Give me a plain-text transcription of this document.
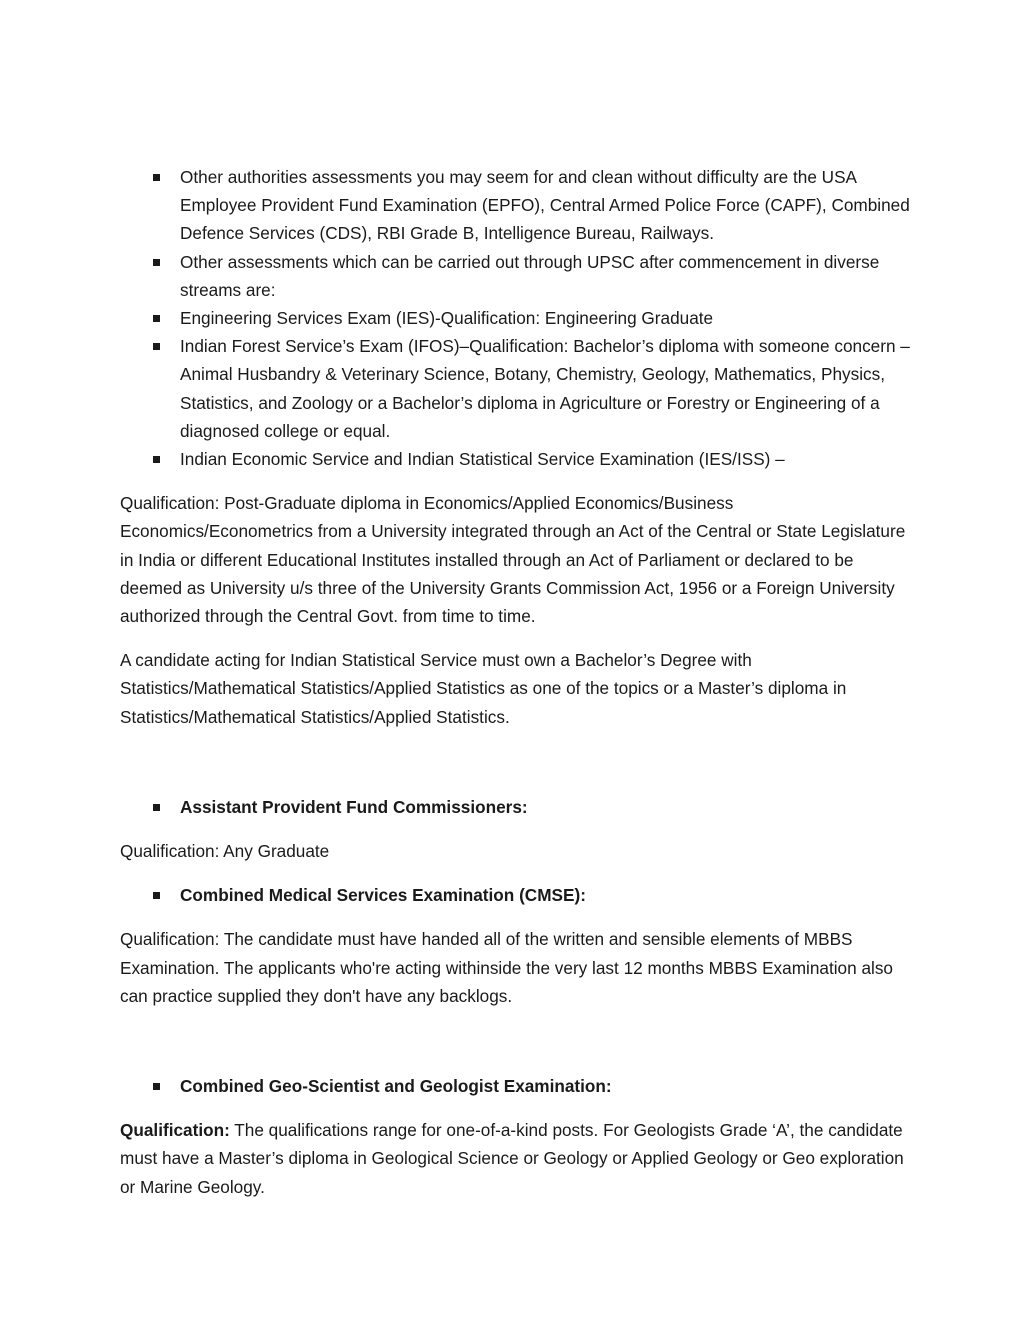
Other authorities assessments you may seem for and clean without difficulty are the USA Employee Provident Fund Examination (EPFO), Central Armed Police Force (CAPF), Combined Defence Services (CDS), RBI Grade B, Intelligence Bureau, Railways.
Other assessments which can be carried out through UPSC after commencement in diverse streams are:
Engineering Services Exam (IES)-Qualification: Engineering Graduate
Indian Forest Service’s Exam (IFOS)–Qualification: Bachelor’s diploma with someone concern – Animal Husbandry & Veterinary Science, Botany, Chemistry, Geology, Mathematics, Physics, Statistics, and Zoology or a Bachelor’s diploma in Agriculture or Forestry or Engineering of a diagnosed college or equal.
Indian Economic Service and Indian Statistical Service Examination (IES/ISS) –

Qualification: Post-Graduate diploma in Economics/Applied Economics/Business Economics/Econometrics from a University integrated through an Act of the Central or State Legislature in India or different Educational Institutes installed through an Act of Parliament or declared to be deemed as University u/s three of the University Grants Commission Act, 1956 or a Foreign University authorized through the Central Govt. from time to time.

A candidate acting for Indian Statistical Service must own a Bachelor’s Degree with Statistics/Mathematical Statistics/Applied Statistics as one of the topics or a Master’s diploma in Statistics/Mathematical Statistics/Applied Statistics.

Assistant Provident Fund Commissioners:

Qualification: Any Graduate

Combined Medical Services Examination (CMSE):

Qualification: The candidate must have handed all of the written and sensible elements of MBBS Examination. The applicants who're acting withinside the very last 12 months MBBS Examination also can practice supplied they don't have any backlogs.

Combined Geo-Scientist and Geologist Examination:

Qualification: The qualifications range for one-of-a-kind posts. For Geologists Grade ‘A’, the candidate must have a Master’s diploma in Geological Science or Geology or Applied Geology or Geo exploration or Marine Geology.
